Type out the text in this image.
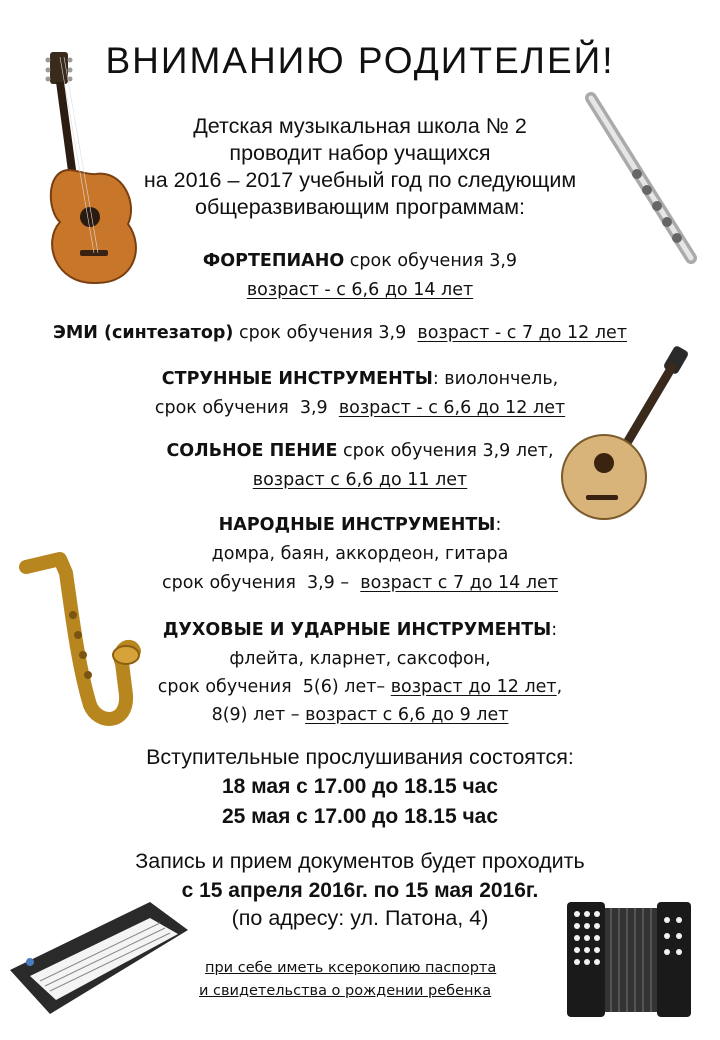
ВНИМАНИЮ РОДИТЕЛЕЙ!
Детская музыкальная школа № 2
проводит набор учащихся
на 2016 – 2017 учебный год по следующим
общеразвивающим программам:
ФОРТЕПИАНО срок обучения 3,9
возраст - с 6,6 до 14 лет
ЭМИ (синтезатор) срок обучения 3,9  возраст - с 7 до 12 лет
СТРУННЫЕ ИНСТРУМЕНТЫ: виолончель,
срок обучения  3,9  возраст - с 6,6 до 12 лет
СОЛЬНОЕ ПЕНИЕ срок обучения 3,9 лет,
возраст с 6,6 до 11 лет
НАРОДНЫЕ ИНСТРУМЕНТЫ:
домра, баян, аккордеон, гитара
срок обучения  3,9 –  возраст с 7 до 14 лет
ДУХОВЫЕ И УДАРНЫЕ ИНСТРУМЕНТЫ:
флейта, кларнет, саксофон,
срок обучения  5(6) лет– возраст до 12 лет,
8(9) лет – возраст с 6,6 до 9 лет
Вступительные прослушивания состоятся:
18 мая с 17.00 до 18.15 час
25 мая с 17.00 до 18.15 час
Запись и прием документов будет проходить
с 15 апреля 2016г. по 15 мая 2016г.
(по адресу: ул. Патона, 4)
при себе иметь ксерокопию паспорта
и свидетельства о рождении ребенка
